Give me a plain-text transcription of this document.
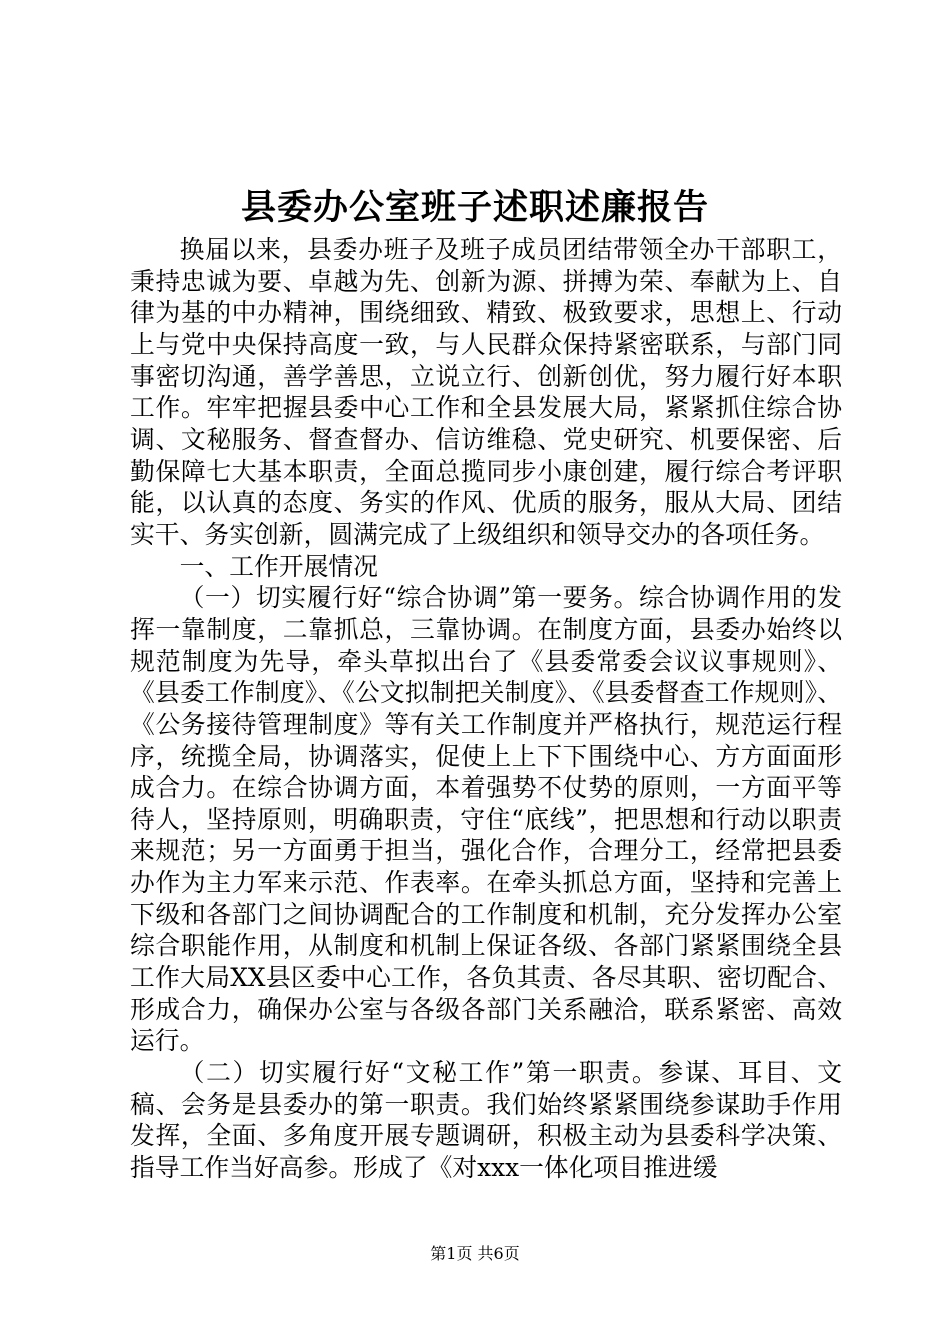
县委办公室班子述职述廉报告

换届以来，县委办班子及班子成员团结带领全办干部职工，秉持忠诚为要、卓越为先、创新为源、拼搏为荣、奉献为上、自律为基的中办精神，围绕细致、精致、极致要求，思想上、行动上与党中央保持高度一致，与人民群众保持紧密联系，与部门同事密切沟通，善学善思，立说立行、创新创优，努力履行好本职工作。牢牢把握县委中心工作和全县发展大局，紧紧抓住综合协调、文秘服务、督查督办、信访维稳、党史研究、机要保密、后勤保障七大基本职责，全面总揽同步小康创建，履行综合考评职能，以认真的态度、务实的作风、优质的服务，服从大局、团结实干、务实创新，圆满完成了上级组织和领导交办的各项任务。

一、工作开展情况

（一）切实履行好“综合协调”第一要务。综合协调作用的发挥一靠制度，二靠抓总，三靠协调。在制度方面，县委办始终以规范制度为先导，牵头草拟出台了《县委常委会议议事规则》、《县委工作制度》、《公文拟制把关制度》、《县委督查工作规则》、《公务接待管理制度》等有关工作制度并严格执行，规范运行程序，统揽全局，协调落实，促使上上下下围绕中心、方方面面形成合力。在综合协调方面，本着强势不仗势的原则，一方面平等待人，坚持原则，明确职责，守住“底线”，把思想和行动以职责来规范；另一方面勇于担当，强化合作，合理分工，经常把县委办作为主力军来示范、作表率。在牵头抓总方面，坚持和完善上下级和各部门之间协调配合的工作制度和机制，充分发挥办公室综合职能作用，从制度和机制上保证各级、各部门紧紧围绕全县工作大局XX县区委中心工作，各负其责、各尽其职、密切配合、形成合力，确保办公室与各级各部门关系融洽，联系紧密、高效运行。

（二）切实履行好“文秘工作”第一职责。参谋、耳目、文稿、会务是县委办的第一职责。我们始终紧紧围绕参谋助手作用发挥，全面、多角度开展专题调研，积极主动为县委科学决策、指导工作当好高参。形成了《对xxx一体化项目推进缓

第1页 共6页
